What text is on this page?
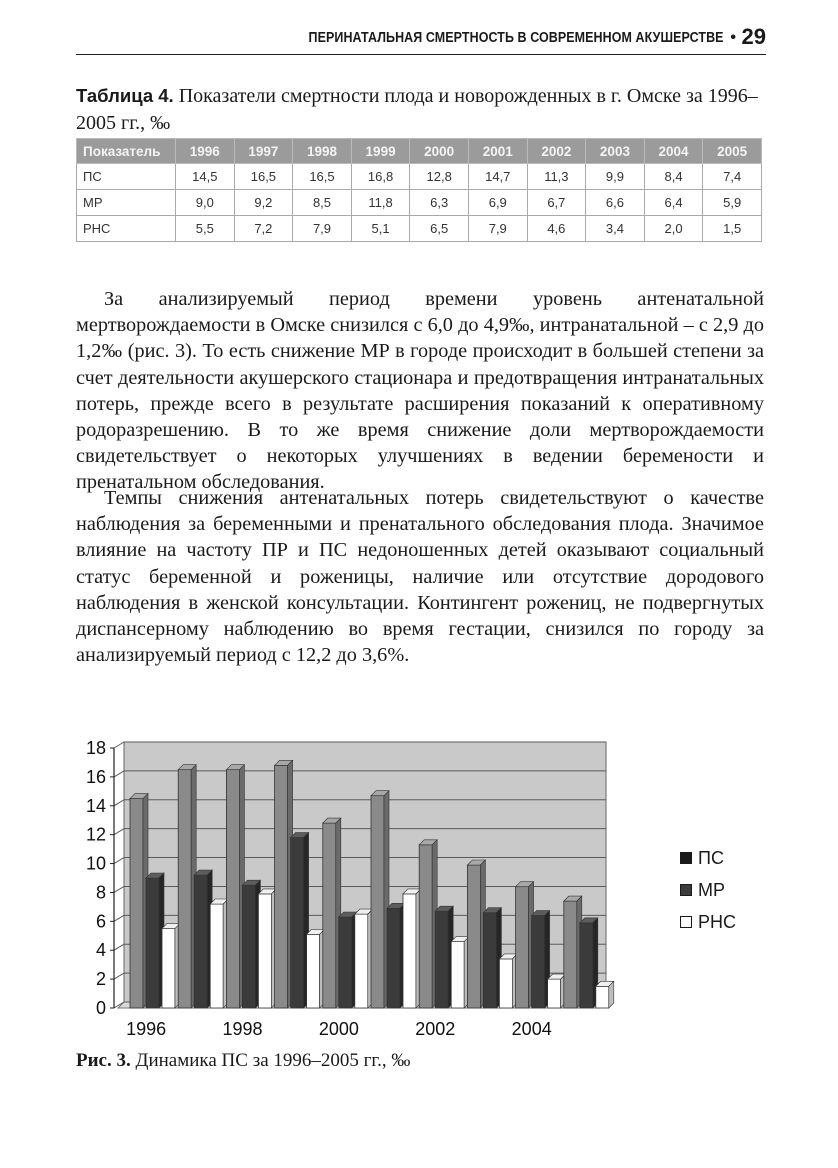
ПЕРИНАТАЛЬНАЯ СМЕРТНОСТЬ В СОВРЕМЕННОМ АКУШЕРСТВЕ • 29
Таблица 4. Показатели смертности плода и новорожденных в г. Омске за 1996–2005 гг., ‰
Показатель	1996	1997	1998	1999	2000	2001	2002	2003	2004	2005
ПС	14,5	16,5	16,5	16,8	12,8	14,7	11,3	9,9	8,4	7,4
МР	9,0	9,2	8,5	11,8	6,3	6,9	6,7	6,6	6,4	5,9
РНС	5,5	7,2	7,9	5,1	6,5	7,9	4,6	3,4	2,0	1,5

За анализируемый период времени уровень антенатальной мертворождаемости в Омске снизился с 6,0 до 4,9‰, интранатальной – с 2,9 до 1,2‰ (рис. 3). То есть снижение МР в городе происходит в большей степени за счет деятельности акушерского стационара и предотвращения интранатальных потерь, прежде всего в результате расширения показаний к оперативному родоразрешению. В то же время снижение доли мертворождаемости свидетельствует о некоторых улучшениях в ведении беремености и пренатальном обследования.

Темпы снижения антенатальных потерь свидетельствуют о качестве наблюдения за беременными и пренатального обследования плода. Значимое влияние на частоту ПР и ПС недоношенных детей оказывают социальный статус беременной и роженицы, наличие или отсутствие дородового наблюдения в женской консультации. Контингент рожениц, не подвергнутых диспансерному наблюдению во время гестации, снизился по городу за анализируемый период с 12,2 до 3,6%.

0
2
4
6
8
10
12
14
16
18
1996	1998	2000	2002	2004
ПС
МР
РНС
Рис. 3. Динамика ПС за 1996–2005 гг., ‰
